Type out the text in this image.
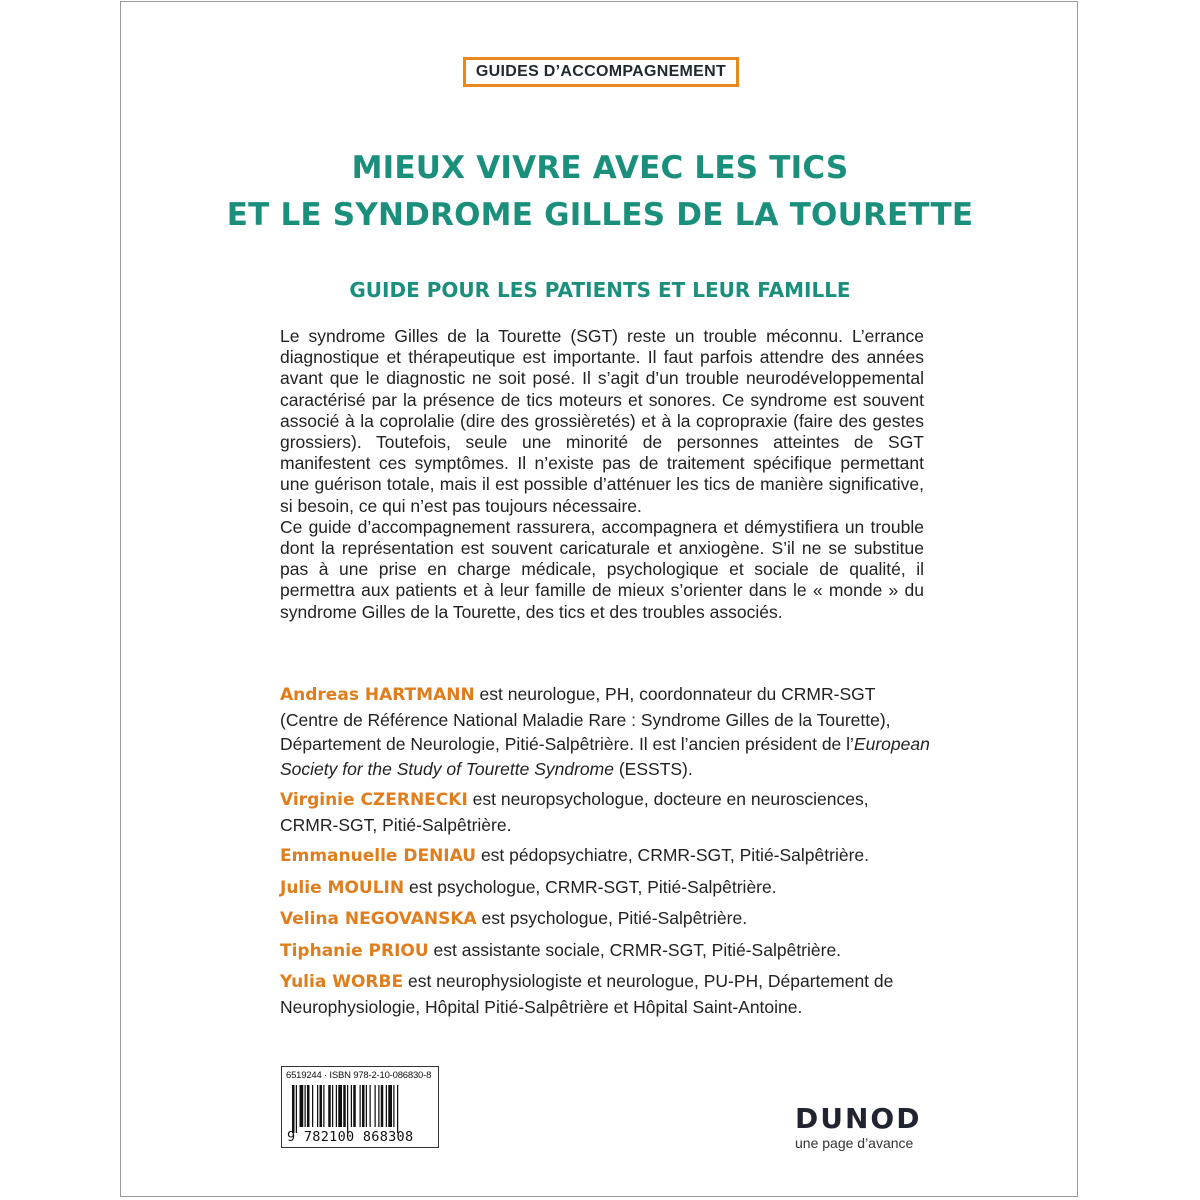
GUIDES D’ACCOMPAGNEMENT
MIEUX VIVRE AVEC LES TICS
ET LE SYNDROME GILLES DE LA TOURETTE
GUIDE POUR LES PATIENTS ET LEUR FAMILLE

Le syndrome Gilles de la Tourette (SGT) reste un trouble méconnu. L’errance diagnostique et thérapeutique est importante. Il faut parfois attendre des années avant que le diagnostic ne soit posé. Il s’agit d’un trouble neurodéveloppemental caractérisé par la présence de tics moteurs et sonores. Ce syndrome est souvent associé à la coprolalie (dire des grossièretés) et à la copropraxie (faire des gestes grossiers). Toutefois, seule une minorité de personnes atteintes de SGT manifestent ces symptômes. Il n’existe pas de traitement spécifique permettant une guérison totale, mais il est possible d’atténuer les tics de manière significative, si besoin, ce qui n’est pas toujours nécessaire.

Ce guide d’accompagnement rassurera, accompagnera et démystifiera un trouble dont la représentation est souvent caricaturale et anxiogène. S’il ne se substitue pas à une prise en charge médicale, psychologique et sociale de qualité, il permettra aux patients et à leur famille de mieux s’orienter dans le « monde » du syndrome Gilles de la Tourette, des tics et des troubles associés.

Andreas HARTMANN est neurologue, PH, coordonnateur du CRMR-SGT (Centre de Référence National Maladie Rare : Syndrome Gilles de la Tourette), Département de Neurologie, Pitié-Salpêtrière. Il est l’ancien président de l’European Society for the Study of Tourette Syndrome (ESSTS).

Virginie CZERNECKI est neuropsychologue, docteure en neurosciences, CRMR-SGT, Pitié-Salpêtrière.

Emmanuelle DENIAU est pédopsychiatre, CRMR-SGT, Pitié-Salpêtrière.

Julie MOULIN est psychologue, CRMR-SGT, Pitié-Salpêtrière.

Velina NEGOVANSKA est psychologue, Pitié-Salpêtrière.

Tiphanie PRIOU est assistante sociale, CRMR-SGT, Pitié-Salpêtrière.

Yulia WORBE est neurophysiologiste et neurologue, PU-PH, Département de Neurophysiologie, Hôpital Pitié-Salpêtrière et Hôpital Saint-Antoine.

6519244 · ISBN 978-2-10-086830-8
9 782100 868308
DUNOD
une page d’avance
